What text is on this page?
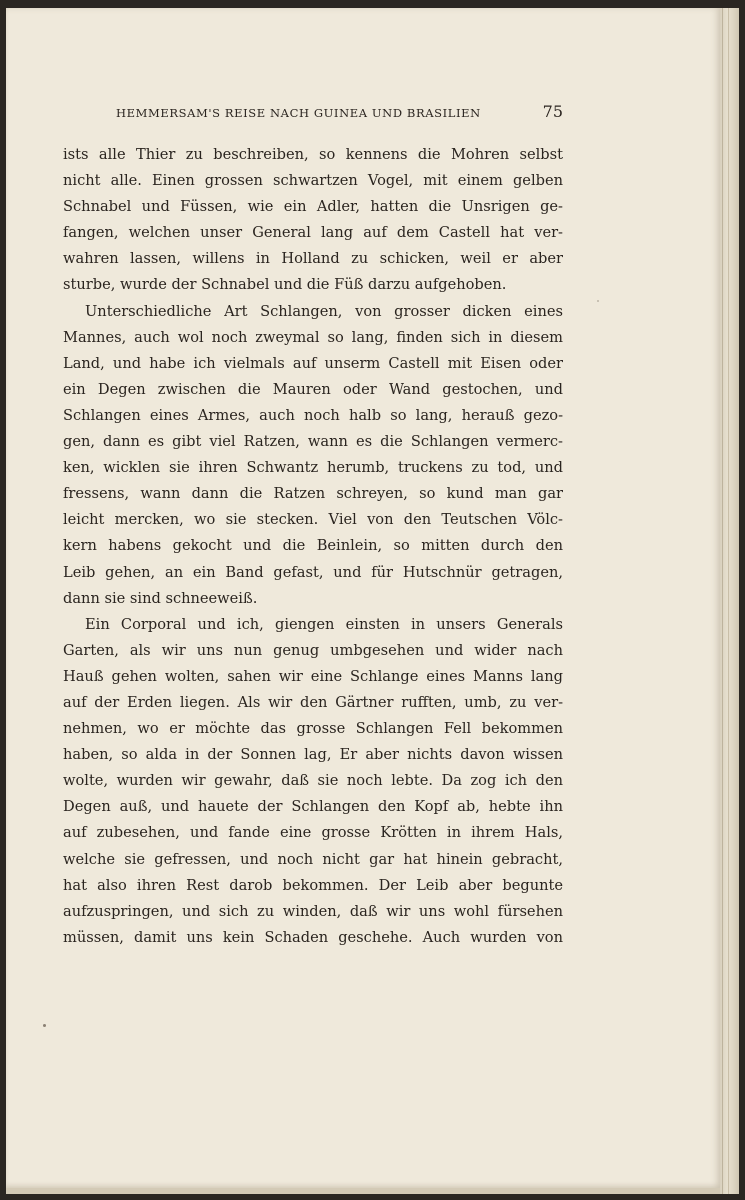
HEMMERSAM'S REISE NACH GUINEA UND BRASILIEN	75
ists alle Thier zu beschreiben, so kennens die Mohren selbst
nicht alle. Einen grossen schwartzen Vogel, mit einem gelben
Schnabel und Füssen, wie ein Adler, hatten die Unsrigen ge-
fangen, welchen unser General lang auf dem Castell hat ver-
wahren lassen, willens in Holland zu schicken, weil er aber
sturbe, wurde der Schnabel und die Füß darzu aufgehoben.
Unterschiedliche Art Schlangen, von grosser dicken eines
Mannes, auch wol noch zweymal so lang, finden sich in diesem
Land, und habe ich vielmals auf unserm Castell mit Eisen oder
ein Degen zwischen die Mauren oder Wand gestochen, und
Schlangen eines Armes, auch noch halb so lang, herauß gezo-
gen, dann es gibt viel Ratzen, wann es die Schlangen vermerc-
ken, wicklen sie ihren Schwantz herumb, truckens zu tod, und
fressens, wann dann die Ratzen schreyen, so kund man gar
leicht mercken, wo sie stecken. Viel von den Teutschen Völc-
kern habens gekocht und die Beinlein, so mitten durch den
Leib gehen, an ein Band gefast, und für Hutschnür getragen,
dann sie sind schneeweiß.
Ein Corporal und ich, giengen einsten in unsers Generals
Garten, als wir uns nun genug umbgesehen und wider nach
Hauß gehen wolten, sahen wir eine Schlange eines Manns lang
auf der Erden liegen. Als wir den Gärtner rufften, umb, zu ver-
nehmen, wo er möchte das grosse Schlangen Fell bekommen
haben, so alda in der Sonnen lag, Er aber nichts davon wissen
wolte, wurden wir gewahr, daß sie noch lebte. Da zog ich den
Degen auß, und hauete der Schlangen den Kopf ab, hebte ihn
auf zubesehen, und fande eine grosse Krötten in ihrem Hals,
welche sie gefressen, und noch nicht gar hat hinein gebracht,
hat also ihren Rest darob bekommen. Der Leib aber begunte
aufzuspringen, und sich zu winden, daß wir uns wohl fürsehen
müssen, damit uns kein Schaden geschehe. Auch wurden von
